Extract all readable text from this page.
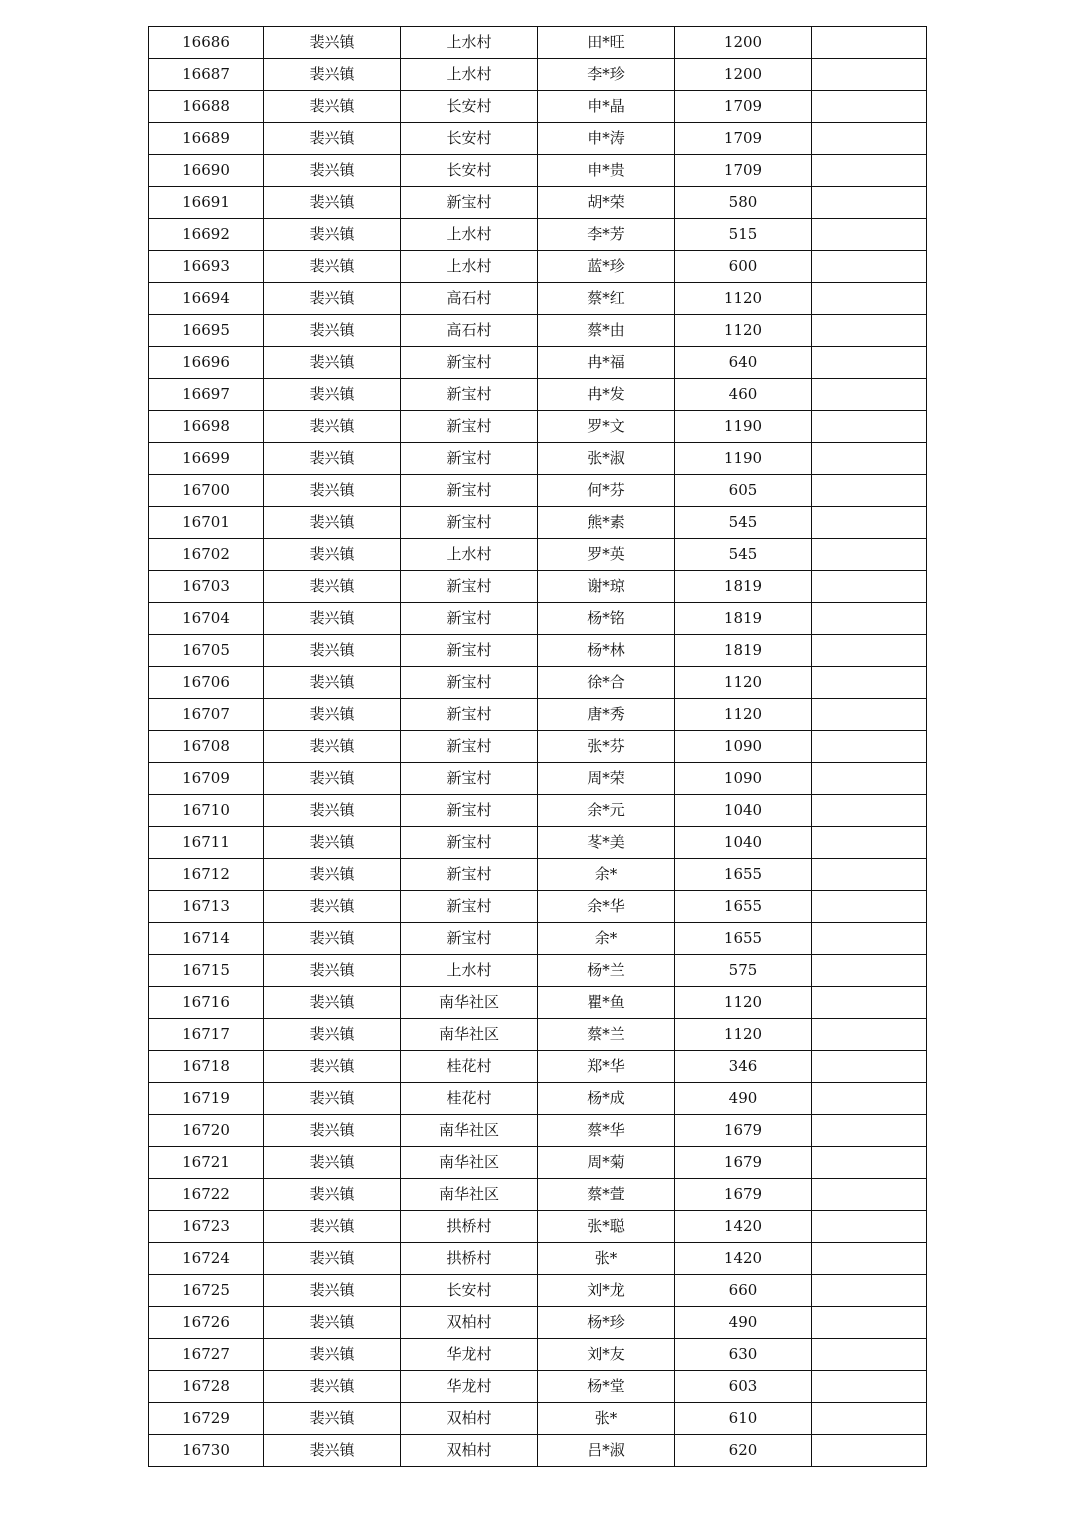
16686	裴兴镇	上水村	田*旺	1200	
16687	裴兴镇	上水村	李*珍	1200	
16688	裴兴镇	长安村	申*晶	1709	
16689	裴兴镇	长安村	申*涛	1709	
16690	裴兴镇	长安村	申*贵	1709	
16691	裴兴镇	新宝村	胡*荣	580	
16692	裴兴镇	上水村	李*芳	515	
16693	裴兴镇	上水村	蓝*珍	600	
16694	裴兴镇	高石村	蔡*红	1120	
16695	裴兴镇	高石村	蔡*由	1120	
16696	裴兴镇	新宝村	冉*福	640	
16697	裴兴镇	新宝村	冉*发	460	
16698	裴兴镇	新宝村	罗*文	1190	
16699	裴兴镇	新宝村	张*淑	1190	
16700	裴兴镇	新宝村	何*芬	605	
16701	裴兴镇	新宝村	熊*素	545	
16702	裴兴镇	上水村	罗*英	545	
16703	裴兴镇	新宝村	谢*琼	1819	
16704	裴兴镇	新宝村	杨*铭	1819	
16705	裴兴镇	新宝村	杨*林	1819	
16706	裴兴镇	新宝村	徐*合	1120	
16707	裴兴镇	新宝村	唐*秀	1120	
16708	裴兴镇	新宝村	张*芬	1090	
16709	裴兴镇	新宝村	周*荣	1090	
16710	裴兴镇	新宝村	余*元	1040	
16711	裴兴镇	新宝村	苳*美	1040	
16712	裴兴镇	新宝村	余*	1655	
16713	裴兴镇	新宝村	余*华	1655	
16714	裴兴镇	新宝村	余*	1655	
16715	裴兴镇	上水村	杨*兰	575	
16716	裴兴镇	南华社区	瞿*鱼	1120	
16717	裴兴镇	南华社区	蔡*兰	1120	
16718	裴兴镇	桂花村	郑*华	346	
16719	裴兴镇	桂花村	杨*成	490	
16720	裴兴镇	南华社区	蔡*华	1679	
16721	裴兴镇	南华社区	周*菊	1679	
16722	裴兴镇	南华社区	蔡*萱	1679	
16723	裴兴镇	拱桥村	张*聪	1420	
16724	裴兴镇	拱桥村	张*	1420	
16725	裴兴镇	长安村	刘*龙	660	
16726	裴兴镇	双柏村	杨*珍	490	
16727	裴兴镇	华龙村	刘*友	630	
16728	裴兴镇	华龙村	杨*堂	603	
16729	裴兴镇	双柏村	张*	610	
16730	裴兴镇	双柏村	吕*淑	620	
